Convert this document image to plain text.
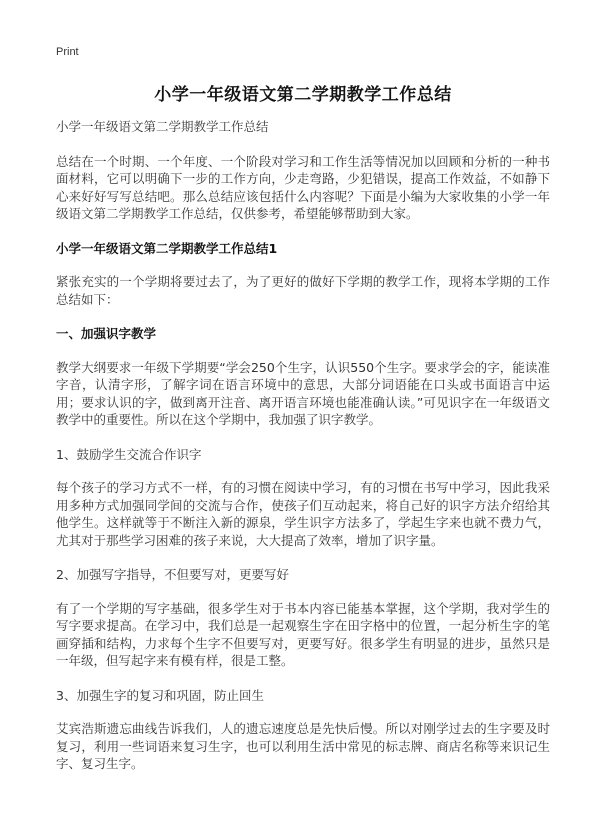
Print
小学一年级语文第二学期教学工作总结

小学一年级语文第二学期教学工作总结

总结在一个时期、一个年度、一个阶段对学习和工作生活等情况加以回顾和分析的一种书面材料，它可以明确下一步的工作方向，少走弯路，少犯错误，提高工作效益，不如静下心来好好写写总结吧。那么总结应该包括什么内容呢？下面是小编为大家收集的小学一年级语文第二学期教学工作总结，仅供参考，希望能够帮助到大家。

小学一年级语文第二学期教学工作总结1

紧张充实的一个学期将要过去了，为了更好的做好下学期的教学工作，现将本学期的工作总结如下：

一、加强识字教学

教学大纲要求一年级下学期要“学会250个生字，认识550个生字。要求学会的字，能读准字音，认清字形，了解字词在语言环境中的意思，大部分词语能在口头或书面语言中运用；要求认识的字，做到离开注音、离开语言环境也能准确认读。”可见识字在一年级语文教学中的重要性。所以在这个学期中，我加强了识字教学。

1、鼓励学生交流合作识字

每个孩子的学习方式不一样，有的习惯在阅读中学习，有的习惯在书写中学习，因此我采用多种方式加强同学间的交流与合作，使孩子们互动起来，将自己好的识字方法介绍给其他学生。这样就等于不断注入新的源泉，学生识字方法多了，学起生字来也就不费力气，尤其对于那些学习困难的孩子来说，大大提高了效率，增加了识字量。

2、加强写字指导，不但要写对，更要写好

有了一个学期的写字基础，很多学生对于书本内容已能基本掌握，这个学期，我对学生的写字要求提高。在学习中，我们总是一起观察生字在田字格中的位置，一起分析生字的笔画穿插和结构，力求每个生字不但要写对，更要写好。很多学生有明显的进步，虽然只是一年级，但写起字来有模有样，很是工整。

3、加强生字的复习和巩固，防止回生

艾宾浩斯遗忘曲线告诉我们，人的遗忘速度总是先快后慢。所以对刚学过去的生字要及时复习，利用一些词语来复习生字，也可以利用生活中常见的标志牌、商店名称等来识记生字、复习生字。
